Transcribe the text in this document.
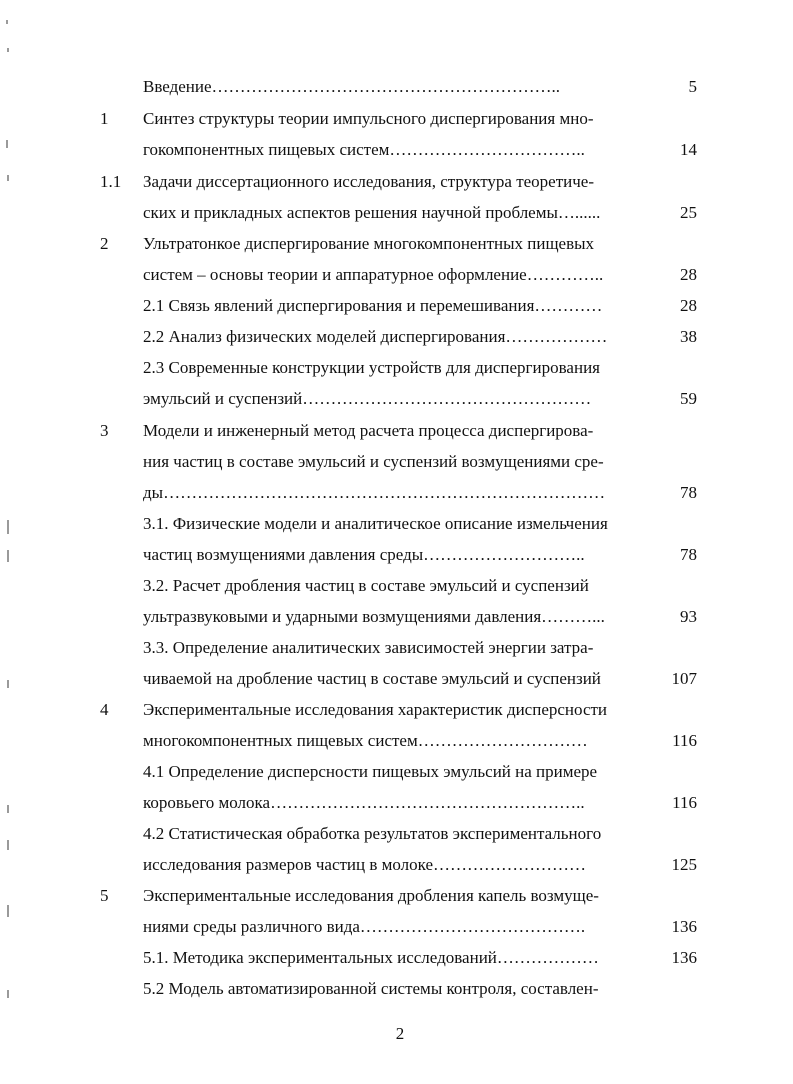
Введение……………………………………………………..	5
1 Синтез структуры теории импульсного диспергирования мно-
гокомпонентных пищевых систем……………………………..	14
1.1 Задачи диссертационного исследования, структура теоретиче-
ских и прикладных аспектов решения научной проблемы…......	25
2 Ультратонкое диспергирование многокомпонентных пищевых
систем – основы теории и аппаратурное оформление…………..	28
2.1 Связь явлений диспергирования и перемешивания…………	28
2.2 Анализ физических моделей диспергирования………………	38
2.3 Современные конструкции устройств для диспергирования
эмульсий и суспензий……………………………………………	59
3 Модели и инженерный метод расчета процесса диспергирова-
ния частиц в составе эмульсий и суспензий возмущениями сре-
ды……………………………………………………………………	78
3.1. Физические модели и аналитическое описание измельчения
частиц возмущениями давления среды………………………..	78
3.2. Расчет дробления частиц в составе эмульсий и суспензий
ультразвуковыми и ударными возмущениями давления………...	93
3.3. Определение аналитических зависимостей энергии затра-
чиваемой на дробление частиц в составе эмульсий и суспензий	107
4 Экспериментальные исследования характеристик дисперсности
многокомпонентных пищевых систем…………………………	116
4.1 Определение дисперсности пищевых эмульсий на примере
коровьего молока………………………………………………..	116
4.2 Статистическая обработка результатов экспериментального
исследования размеров частиц в молоке………………………	125
5 Экспериментальные исследования дробления капель возмуще-
ниями среды различного вида………………………………….	136
5.1. Методика экспериментальных исследований………………	136
5.2 Модель автоматизированной системы контроля, составлен-
2
